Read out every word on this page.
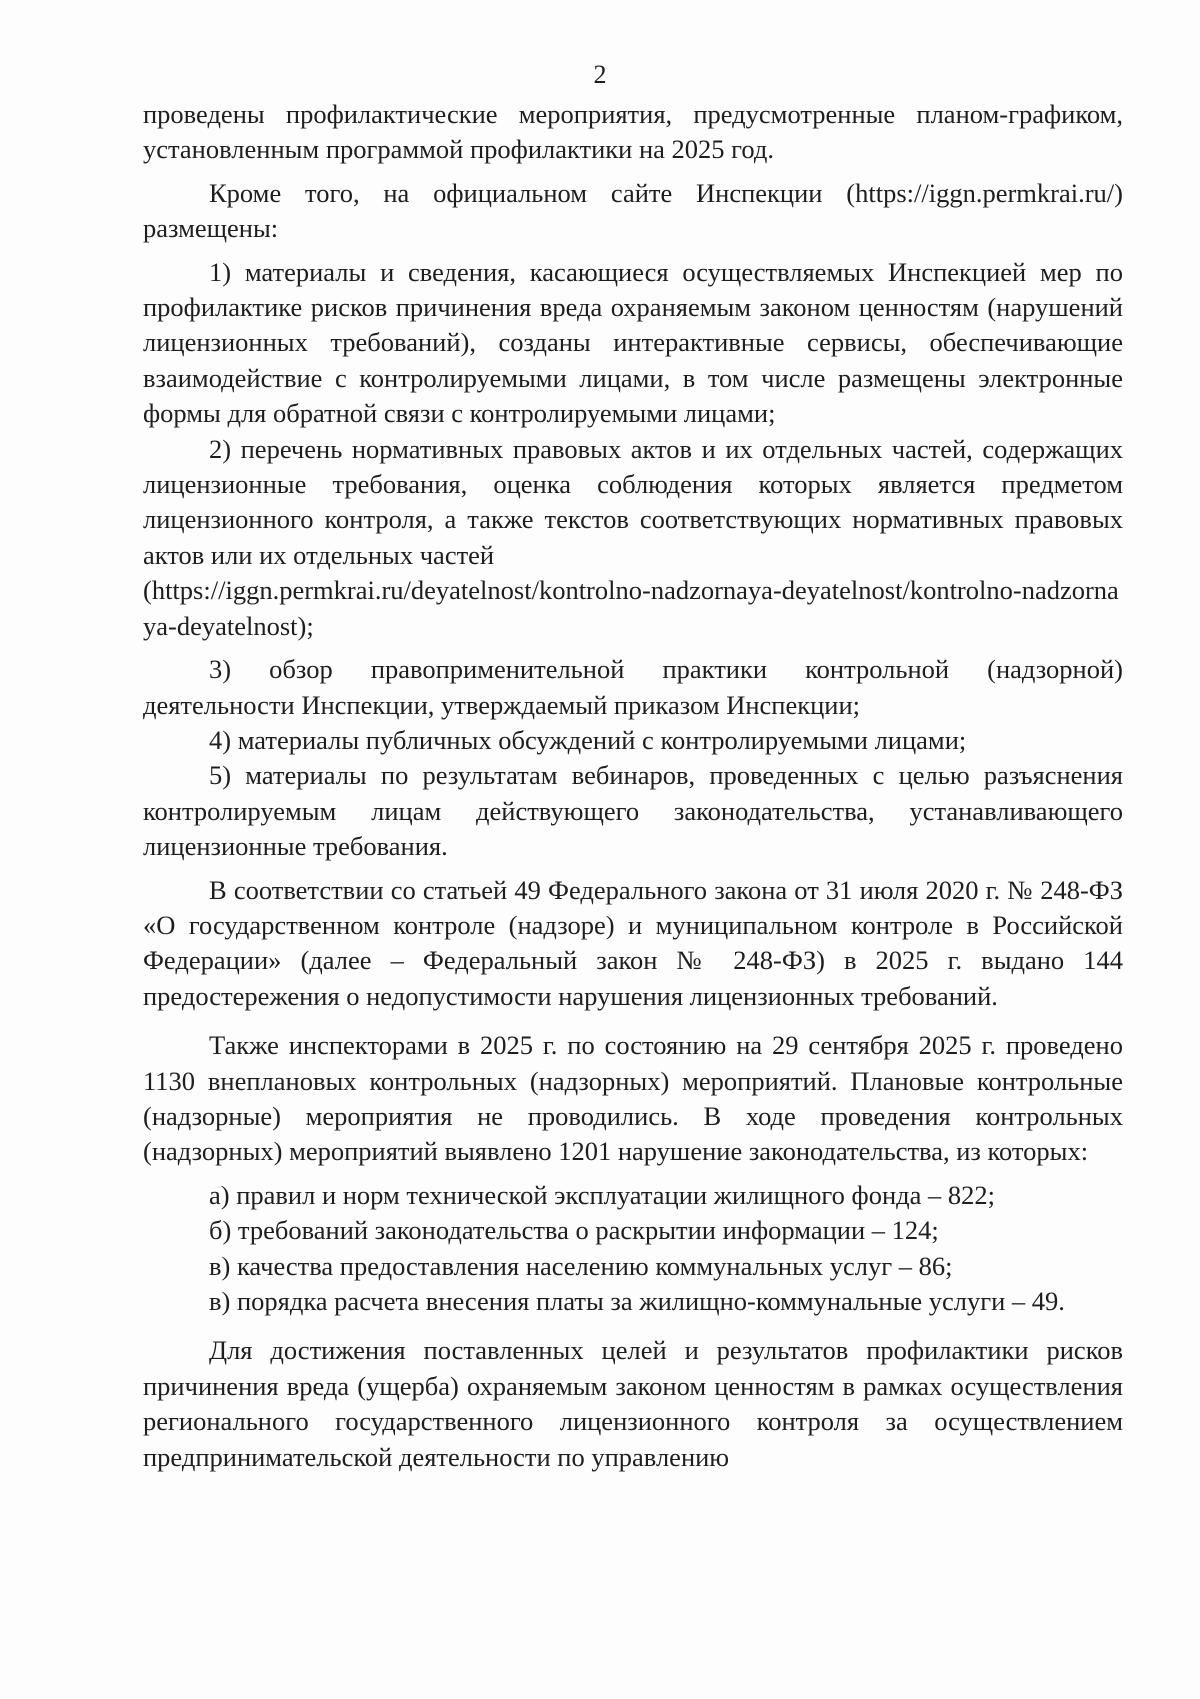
2

проведены профилактические мероприятия, предусмотренные планом-графиком, установленным программой профилактики на 2025 год.

Кроме того, на официальном сайте Инспекции (https://iggn.permkrai.ru/) размещены:

1) материалы и сведения, касающиеся осуществляемых Инспекцией мер по профилактике рисков причинения вреда охраняемым законом ценностям (нарушений лицензионных требований), созданы интерактивные сервисы, обеспечивающие взаимодействие с контролируемыми лицами, в том числе размещены электронные формы для обратной связи с контролируемыми лицами;

2) перечень нормативных правовых актов и их отдельных частей, содержащих лицензионные требования, оценка соблюдения которых является предметом лицензионного контроля, а также текстов соответствующих нормативных правовых актов или их отдельных частей

(https://iggn.permkrai.ru/deyatelnost/kontrolno-nadzornaya-deyatelnost/kontrolno-nadzornaya-deyatelnost);

3) обзор правоприменительной практики контрольной (надзорной) деятельности Инспекции, утверждаемый приказом Инспекции;

4) материалы публичных обсуждений с контролируемыми лицами;

5) материалы по результатам вебинаров, проведенных с целью разъяснения контролируемым лицам действующего законодательства, устанавливающего лицензионные требования.

В соответствии со статьей 49 Федерального закона от 31 июля 2020 г. № 248-ФЗ «О государственном контроле (надзоре) и муниципальном контроле в Российской Федерации» (далее – Федеральный закон № 248-ФЗ) в 2025 г. выдано 144 предостережения о недопустимости нарушения лицензионных требований.

Также инспекторами в 2025 г. по состоянию на 29 сентября 2025 г. проведено 1130 внеплановых контрольных (надзорных) мероприятий. Плановые контрольные (надзорные) мероприятия не проводились. В ходе проведения контрольных (надзорных) мероприятий выявлено 1201 нарушение законодательства, из которых:

а) правил и норм технической эксплуатации жилищного фонда – 822;

б) требований законодательства о раскрытии информации – 124;

в) качества предоставления населению коммунальных услуг – 86;

в) порядка расчета внесения платы за жилищно-коммунальные услуги – 49.

Для достижения поставленных целей и результатов профилактики рисков причинения вреда (ущерба) охраняемым законом ценностям в рамках осуществления регионального государственного лицензионного контроля за осуществлением предпринимательской деятельности по управлению
